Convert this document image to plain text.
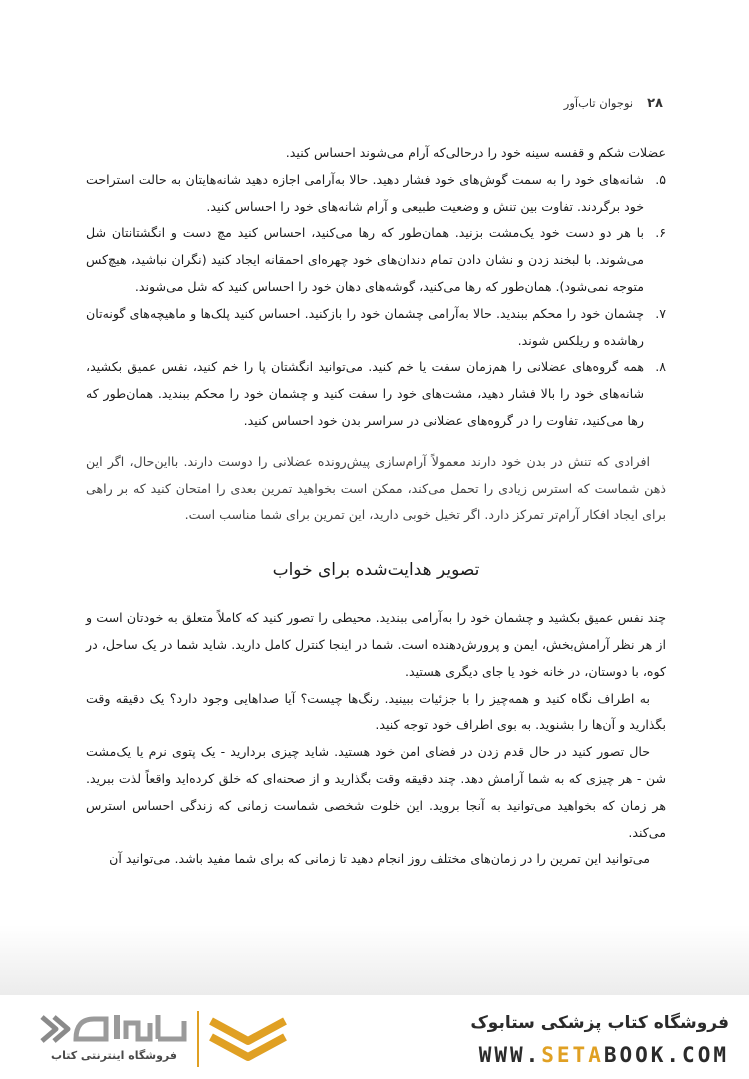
۲۸
نوجوان تاب‌آور

عضلات شکم و قفسه سینه خود را درحالی‌که آرام می‌شوند احساس کنید.

۵.
شانه‌های خود را به سمت گوش‌های خود فشار دهید. حالا به‌آرامی اجازه دهید شانه‌هایتان به حالت استراحت خود برگردند. تفاوت بین تنش و وضعیت طبیعی و آرام شانه‌های خود را احساس کنید.
۶.
با هر دو دست خود یک‌مشت بزنید. همان‌طور که رها می‌کنید، احساس کنید مچ دست و انگشتانتان شل می‌شوند. با لبخند زدن و نشان دادن تمام دندان‌های خود چهره‌ای احمقانه ایجاد کنید (نگران نباشید، هیچ‌کس متوجه نمی‌شود). همان‌طور که رها می‌کنید، گوشه‌های دهان خود را احساس کنید که شل می‌شوند.
۷.
چشمان خود را محکم ببندید. حالا به‌آرامی چشمان خود را بازکنید. احساس کنید پلک‌ها و ماهیچه‌های گونه‌تان رهاشده و ریلکس شوند.
۸.
همه گروه‌های عضلانی را هم‌زمان سفت یا خم کنید. می‌توانید انگشتان پا را خم کنید، نفس عمیق بکشید، شانه‌های خود را بالا فشار دهید، مشت‌های خود را سفت کنید و چشمان خود را محکم ببندید. همان‌طور که رها می‌کنید، تفاوت را در گروه‌های عضلانی در سراسر بدن خود احساس کنید.

افرادی که تنش در بدن خود دارند معمولاً آرام‌سازی پیش‌رونده عضلانی را دوست دارند. بااین‌حال، اگر این ذهن شماست که استرس زیادی را تحمل می‌کند، ممکن است بخواهید تمرین بعدی را امتحان کنید که بر راهی برای ایجاد افکار آرام‌تر تمرکز دارد. اگر تخیل خوبی دارید، این تمرین برای شما مناسب است.

تصویر هدایت‌شده برای خواب

چند نفس عمیق بکشید و چشمان خود را به‌آرامی ببندید. محیطی را تصور کنید که کاملاً متعلق به خودتان است و از هر نظر آرامش‌بخش، ایمن و پرورش‌دهنده است. شما در اینجا کنترل کامل دارید. شاید شما در یک ساحل، در کوه، با دوستان، در خانه خود یا جای دیگری هستید.

به اطراف نگاه کنید و همه‌چیز را با جزئیات ببینید. رنگ‌ها چیست؟ آیا صداهایی وجود دارد؟ یک دقیقه وقت بگذارید و آن‌ها را بشنوید. به بوی اطراف خود توجه کنید.

حال تصور کنید در حال قدم زدن در فضای امن خود هستید. شاید چیزی بردارید - یک پتوی نرم یا یک‌مشت شن - هر چیزی که به شما آرامش دهد. چند دقیقه وقت بگذارید و از صحنه‌ای که خلق کرده‌اید واقعاً لذت ببرید. هر زمان که بخواهید می‌توانید به آنجا بروید. این خلوت شخصی شماست زمانی که زندگی احساس استرس می‌کند.

می‌توانید این تمرین را در زمان‌های مختلف روز انجام دهید تا زمانی که برای شما مفید باشد. می‌توانید آن

فروشگاه اینترنتی کتاب
فروشگاه کتاب پزشکی ستابوک
WWW.SETABOOK.COM
